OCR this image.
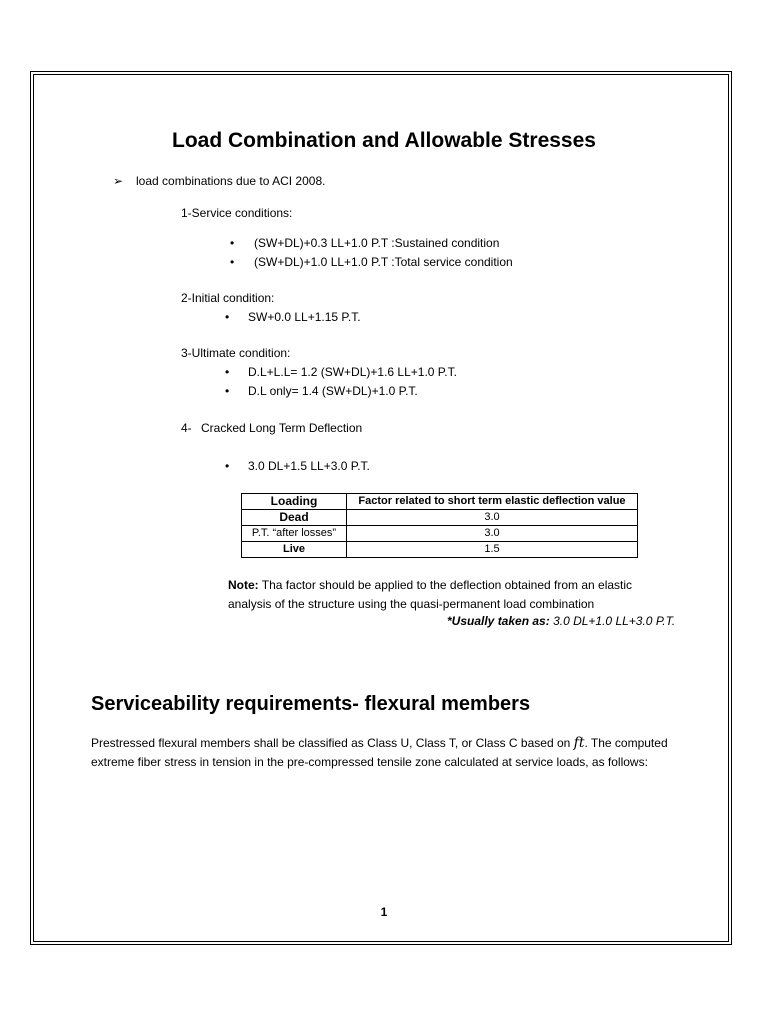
Load Combination and Allowable Stresses
➢ load combinations due to ACI 2008.
1-Service conditions:
• (SW+DL)+0.3 LL+1.0 P.T :Sustained condition
• (SW+DL)+1.0 LL+1.0 P.T :Total service condition
2-Initial condition:
• SW+0.0 LL+1.15 P.T.
3-Ultimate condition:
• D.L+L.L= 1.2 (SW+DL)+1.6 LL+1.0 P.T.
• D.L only= 1.4 (SW+DL)+1.0 P.T.
4- Cracked Long Term Deflection
• 3.0 DL+1.5 LL+3.0 P.T.
Loading	Factor related to short term elastic deflection value
Dead	3.0
P.T. “after losses”	3.0
Live	1.5
Note: Tha factor should be applied to the deflection obtained from an elastic
analysis of the structure using the quasi-permanent load combination
*Usually taken as: 3.0 DL+1.0 LL+3.0 P.T.
Serviceability requirements- flexural members
Prestressed flexural members shall be classified as Class U, Class T, or Class C based on ft. The computed extreme fiber stress in tension in the pre-compressed tensile zone calculated at service loads, as follows:
1
